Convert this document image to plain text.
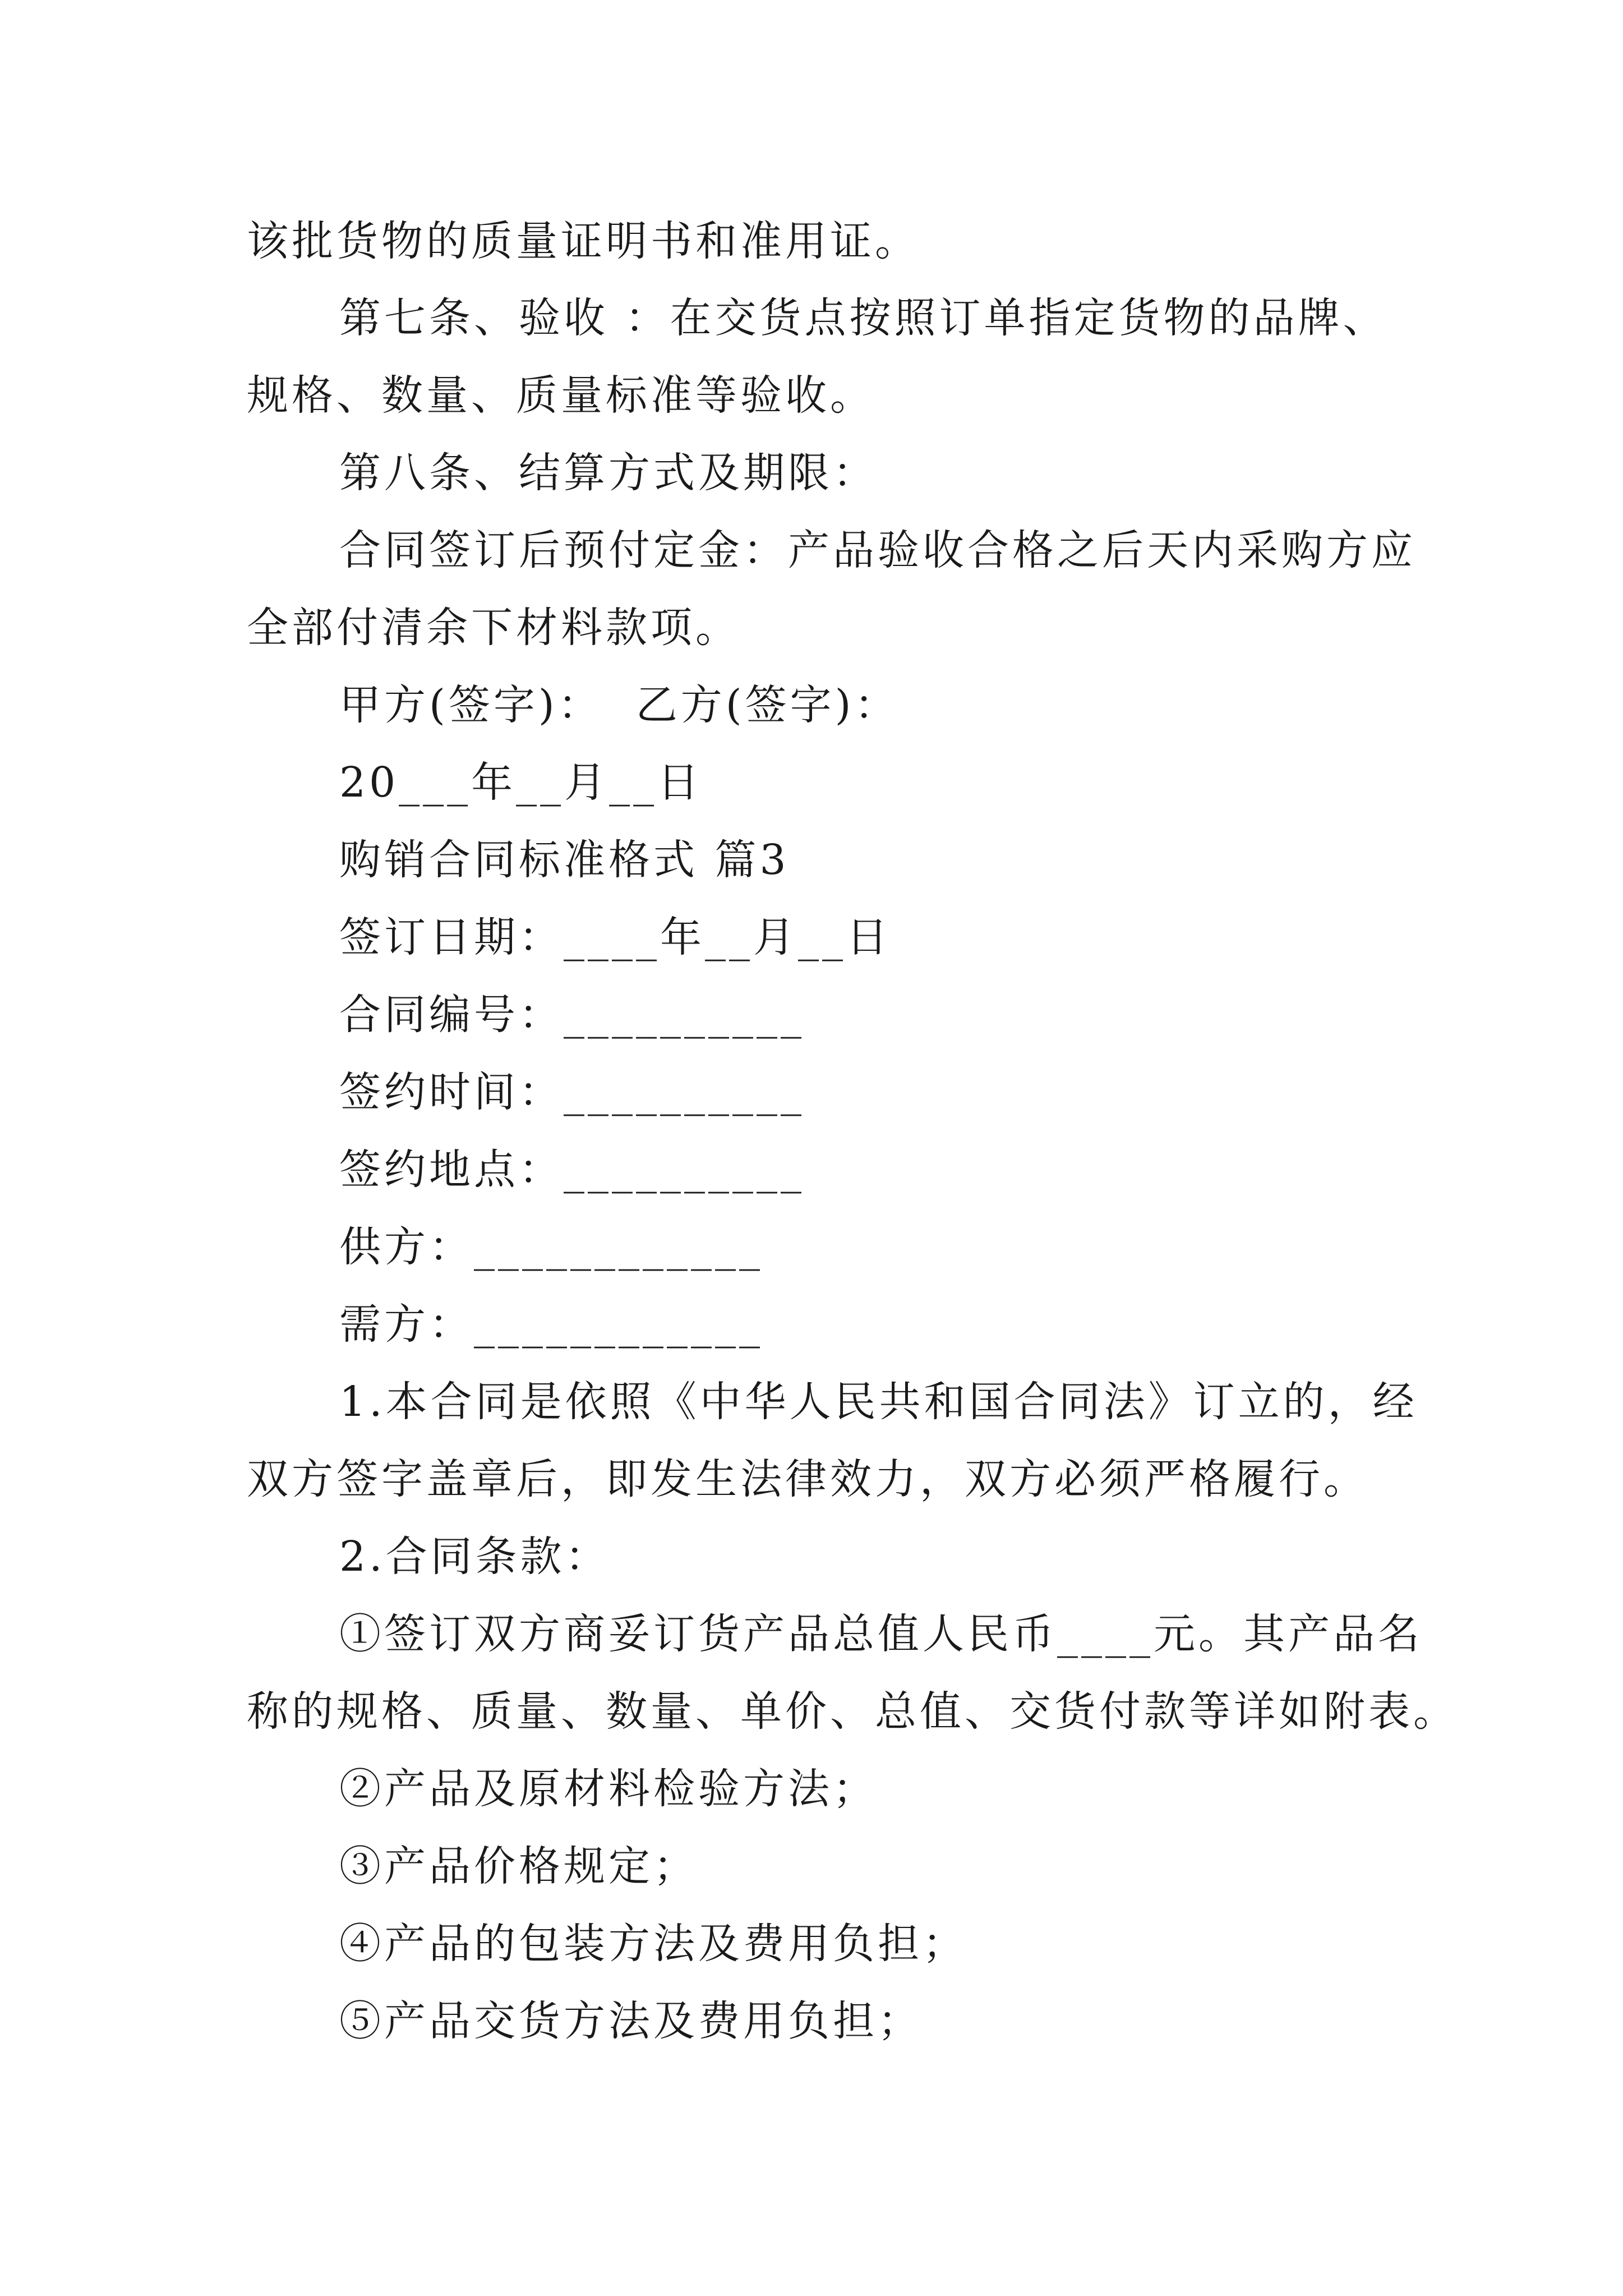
该批货物的质量证明书和准用证。
第七条、验收 ：在交货点按照订单指定货物的品牌、
规格、数量、质量标准等验收。
第八条、结算方式及期限：
合同签订后预付定金：产品验收合格之后天内采购方应
全部付清余下材料款项。
甲方(签字)：  乙方(签字)：
20___年__月__日
购销合同标准格式 篇3
签订日期：____年__月__日
合同编号：__________
签约时间：__________
签约地点：__________
供方：____________
需方：____________
1.本合同是依照《中华人民共和国合同法》订立的，经
双方签字盖章后，即发生法律效力，双方必须严格履行。
2.合同条款：
①签订双方商妥订货产品总值人民币____元。其产品名
称的规格、质量、数量、单价、总值、交货付款等详如附表。
②产品及原材料检验方法；
③产品价格规定；
④产品的包装方法及费用负担；
⑤产品交货方法及费用负担；
